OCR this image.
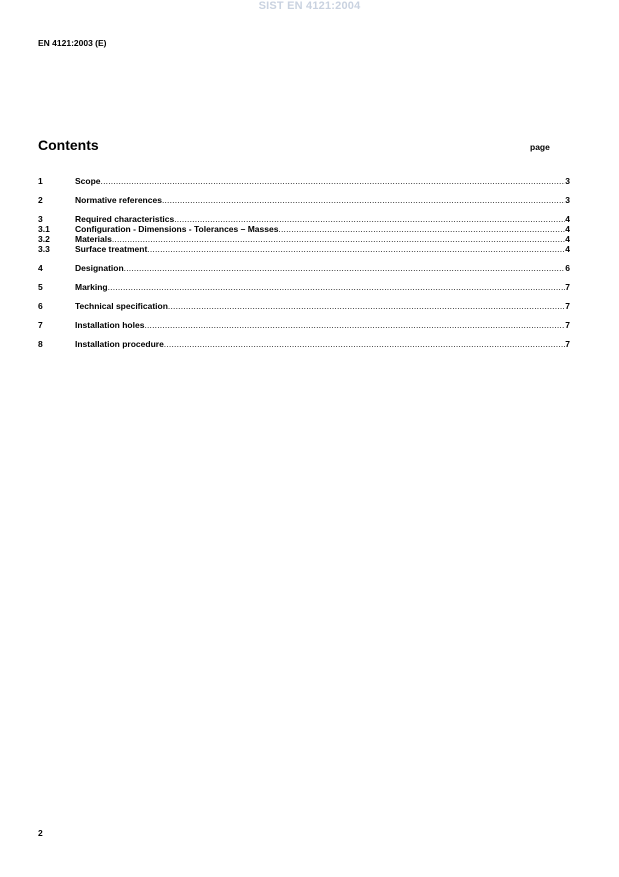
SIST EN 4121:2004
EN 4121:2003 (E)
Contents	page
1	Scope .....	3
2	Normative references .....	3
3	Required characteristics .....	4
3.1	Configuration - Dimensions - Tolerances – Masses .....	4
3.2	Materials .....	4
3.3	Surface treatment .....	4
4	Designation .....	6
5	Marking .....	7
6	Technical specification .....	7
7	Installation holes .....	7
8	Installation procedure .....	7
2
